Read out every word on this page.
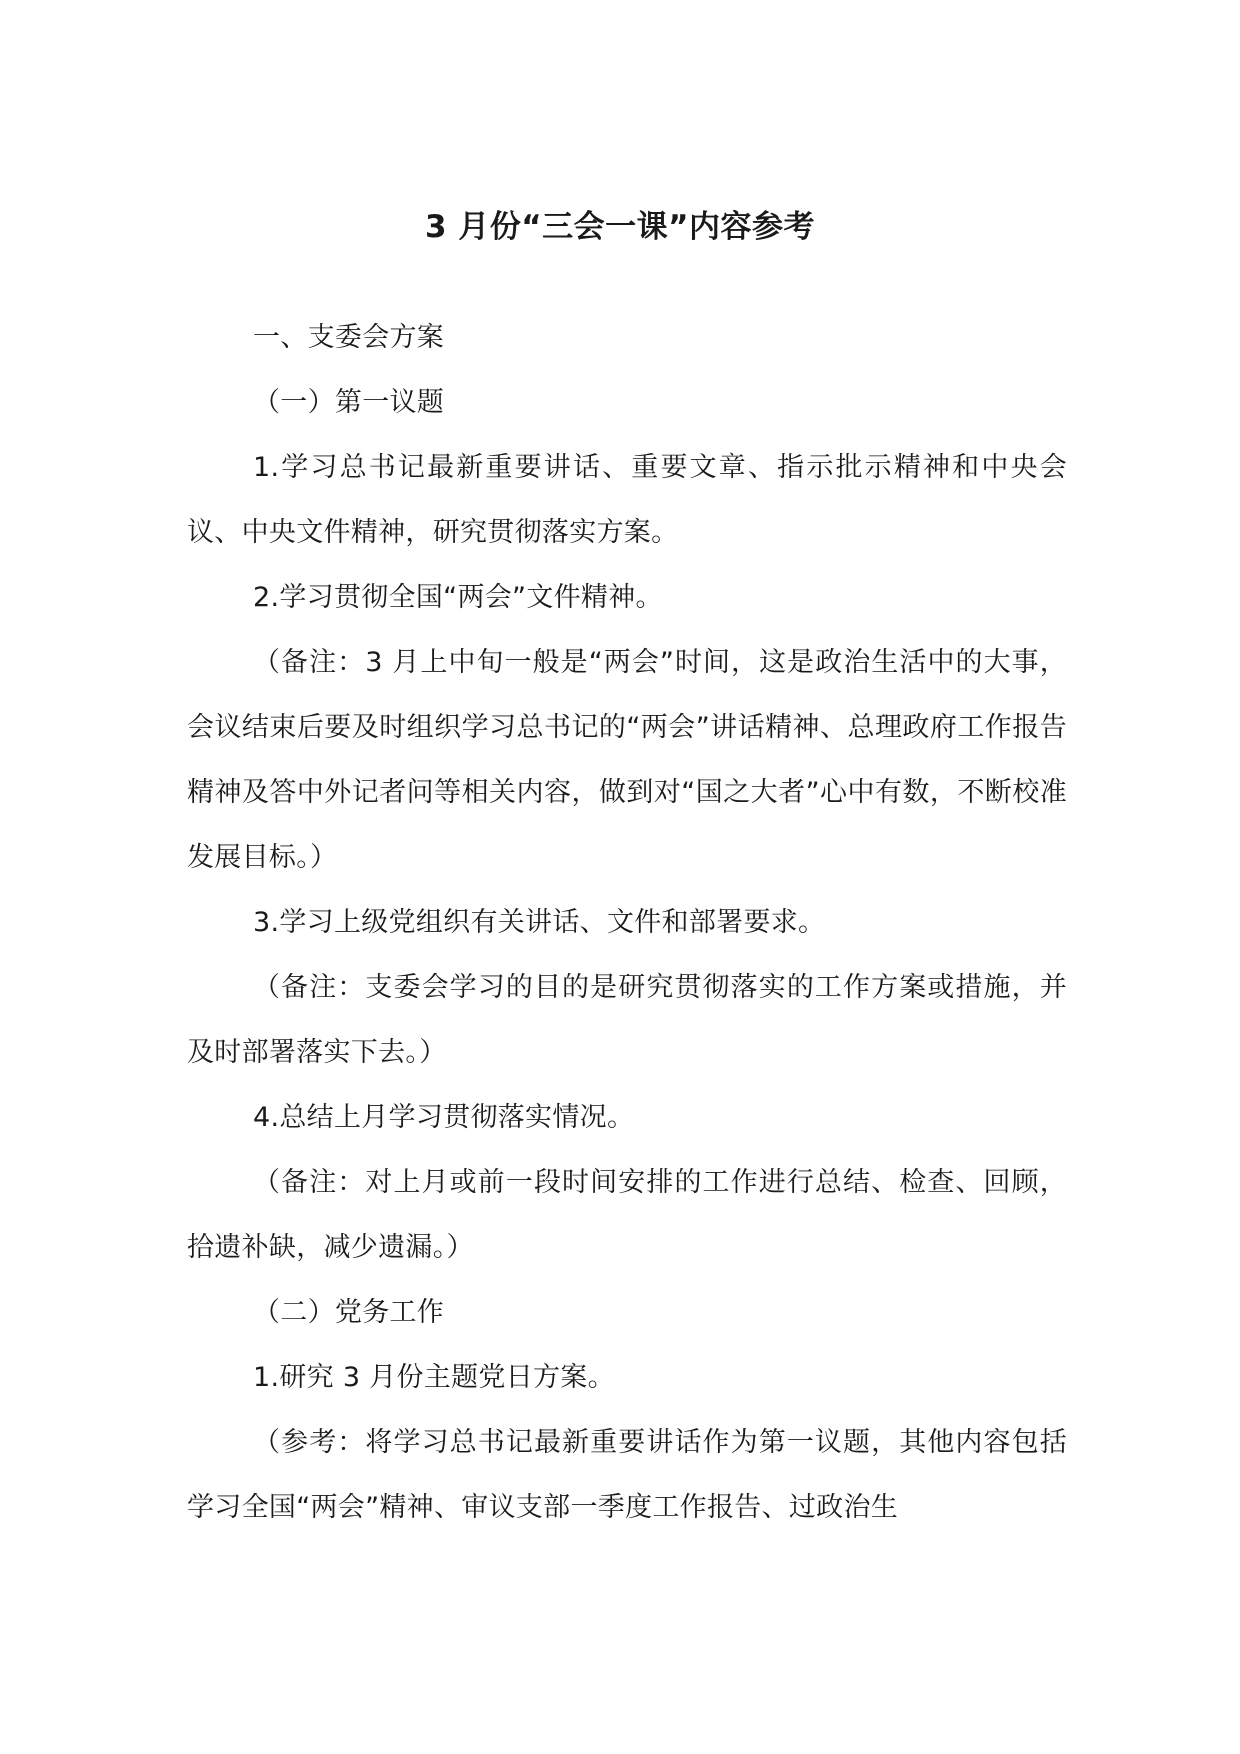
3 月份“三会一课”内容参考

一、支委会方案

（一）第一议题

1.学习总书记最新重要讲话、重要文章、指示批示精神和中央会议、中央文件精神，研究贯彻落实方案。

2.学习贯彻全国“两会”文件精神。

（备注：3 月上中旬一般是“两会”时间，这是政治生活中的大事，会议结束后要及时组织学习总书记的“两会”讲话精神、总理政府工作报告精神及答中外记者问等相关内容，做到对“国之大者”心中有数，不断校准发展目标。）

3.学习上级党组织有关讲话、文件和部署要求。

（备注：支委会学习的目的是研究贯彻落实的工作方案或措施，并及时部署落实下去。）

4.总结上月学习贯彻落实情况。

（备注：对上月或前一段时间安排的工作进行总结、检查、回顾，拾遗补缺，减少遗漏。）

（二）党务工作

1.研究 3 月份主题党日方案。

（参考：将学习总书记最新重要讲话作为第一议题，其他内容包括学习全国“两会”精神、审议支部一季度工作报告、过政治生
